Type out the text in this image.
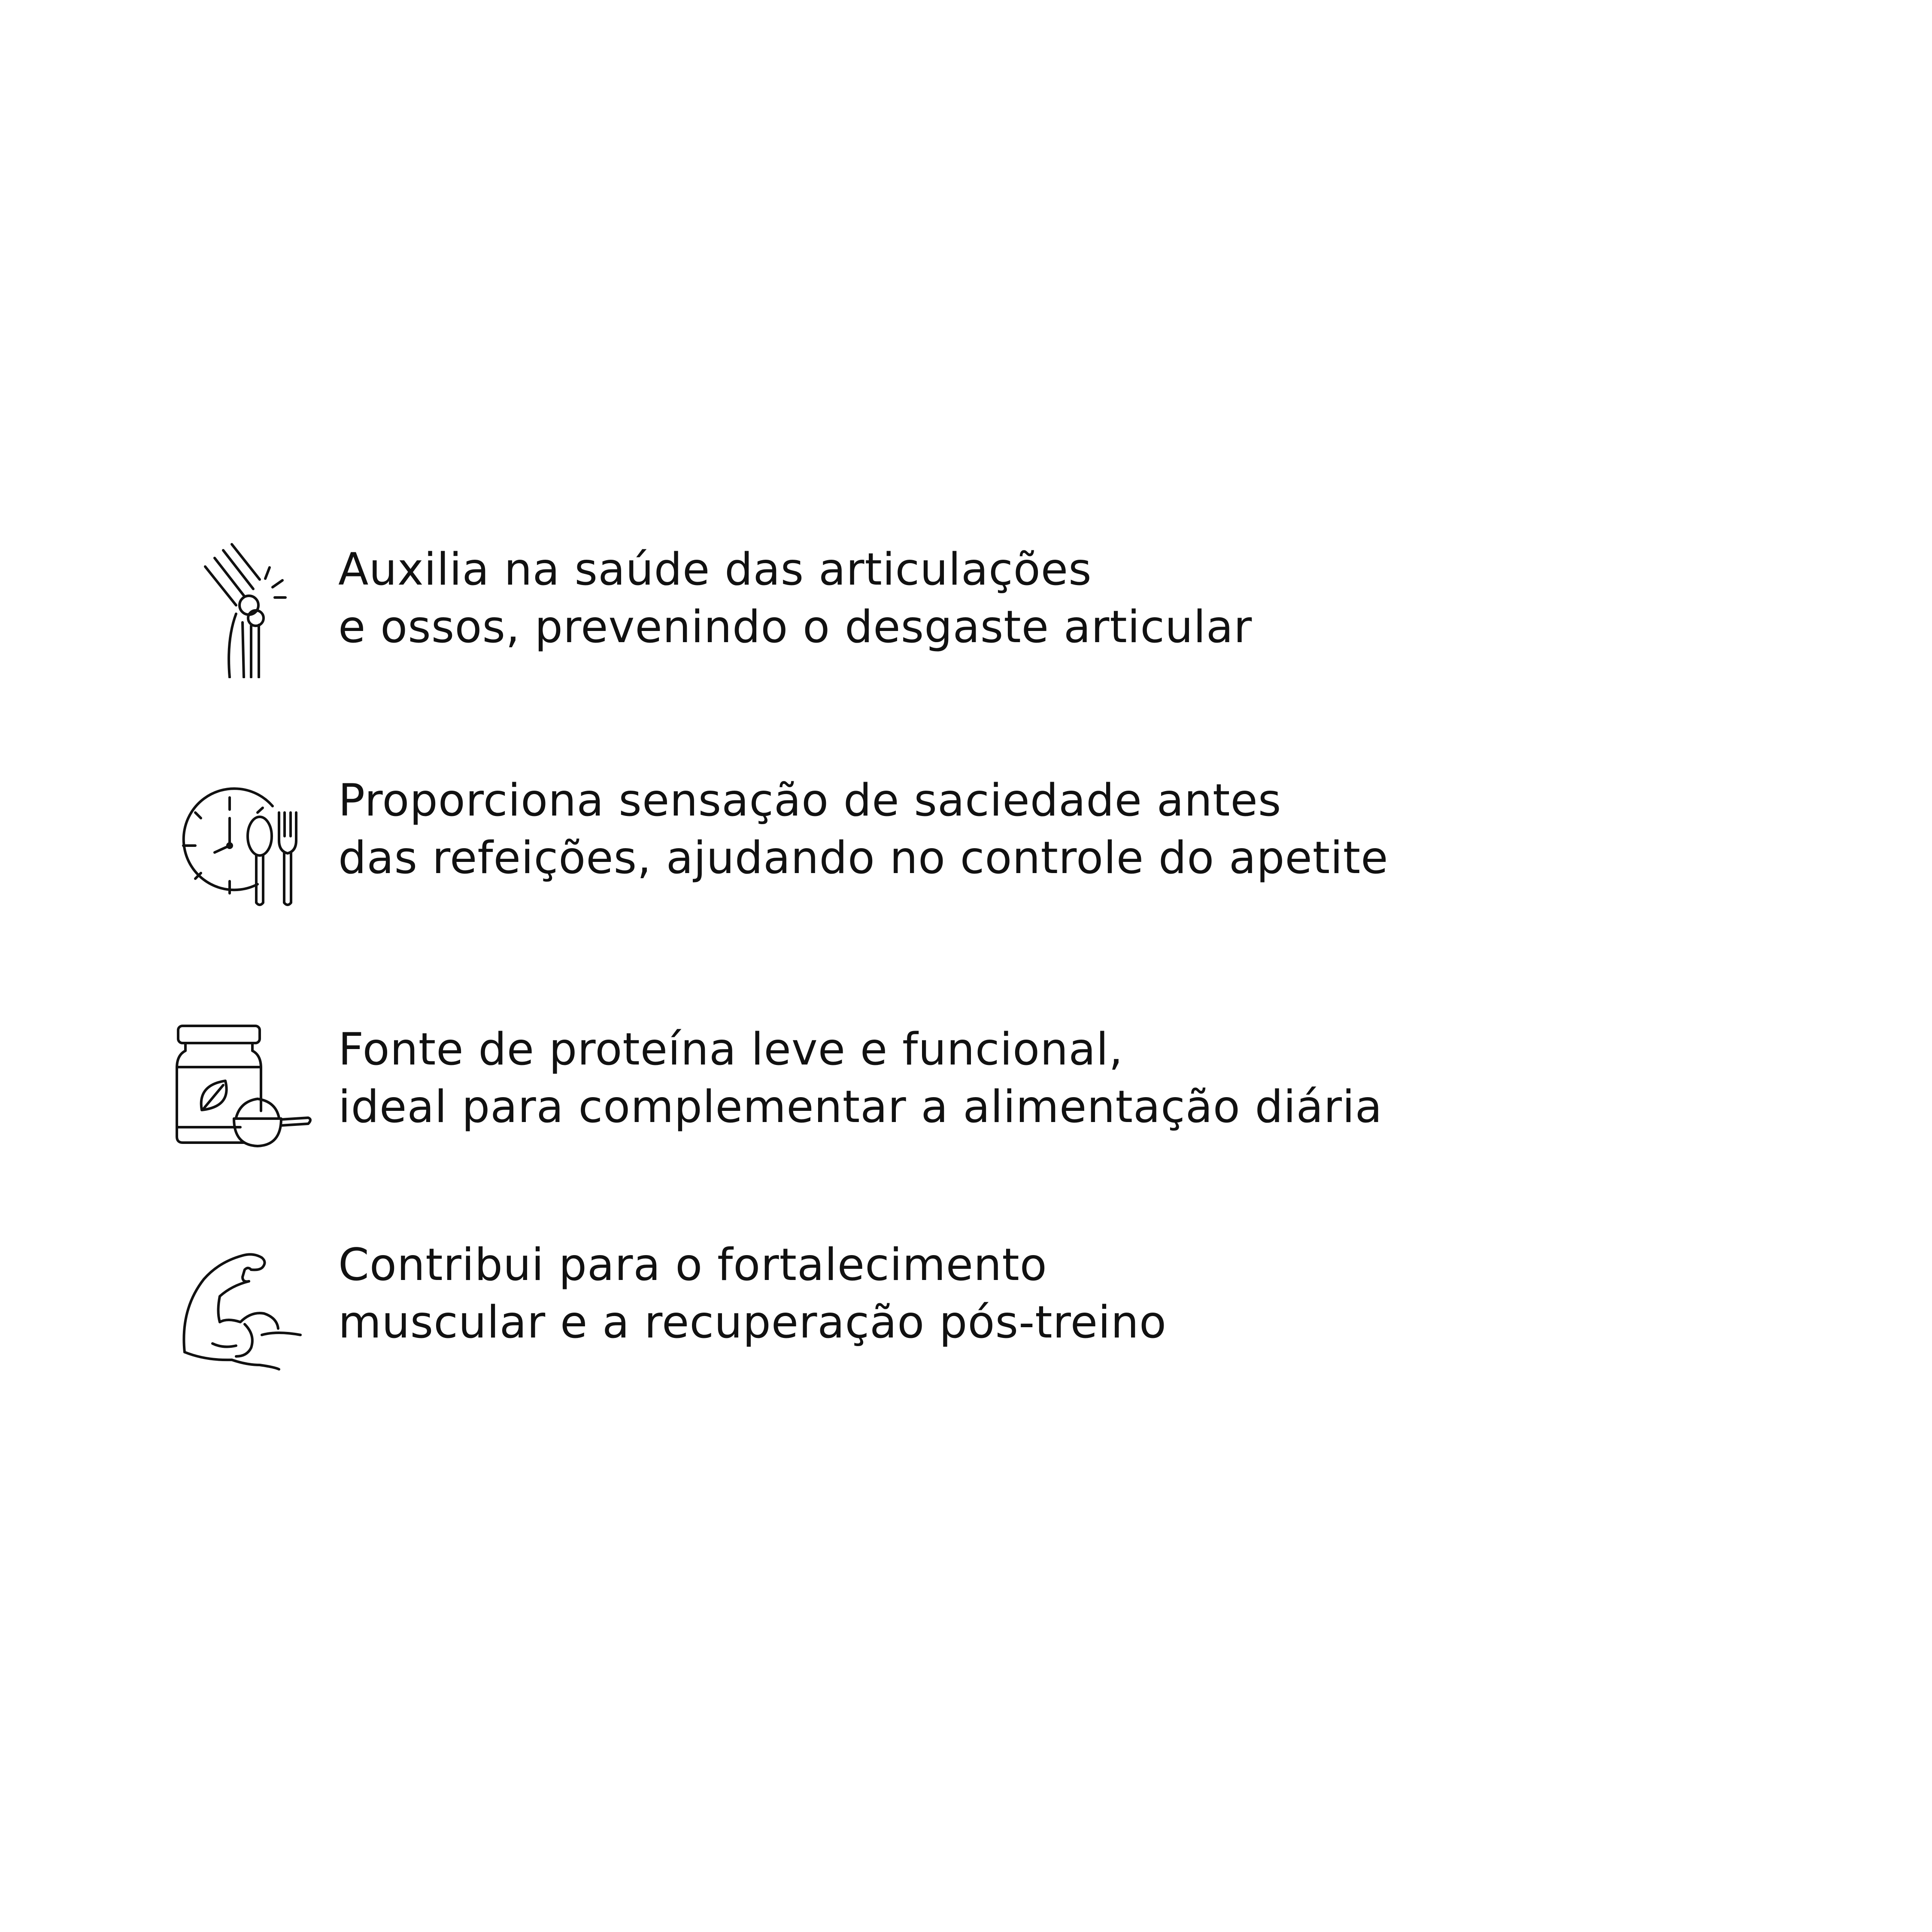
Auxilia na saúde das articulações
e ossos, prevenindo o desgaste articular
Proporciona sensação de saciedade antes
das refeições, ajudando no controle do apetite
Fonte de proteína leve e funcional,
ideal para complementar a alimentação diária
Contribui para o fortalecimento
muscular e a recuperação pós-treino
